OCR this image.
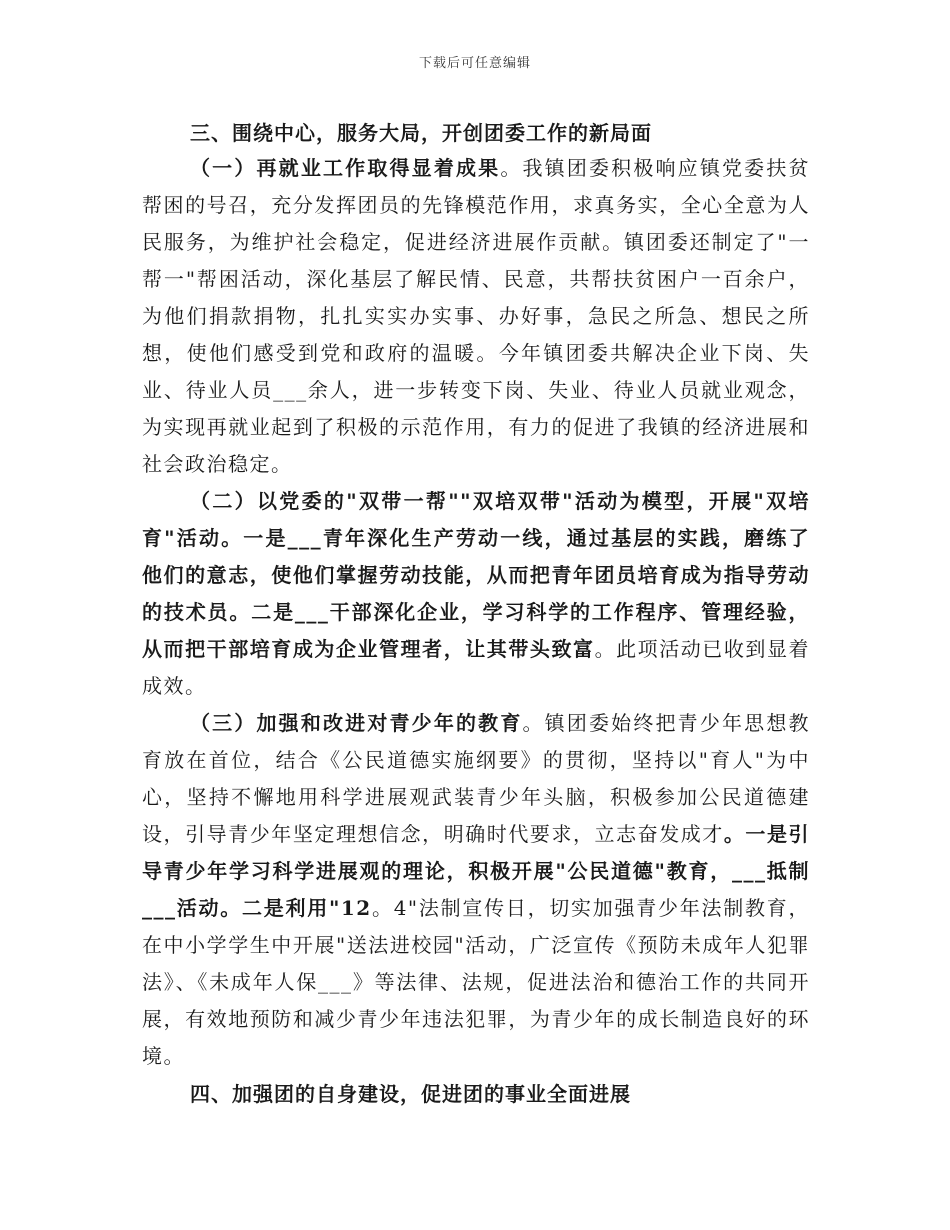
下载后可任意编辑

三、围绕中心，服务大局，开创团委工作的新局面

（一）再就业工作取得显着成果。我镇团委积极响应镇党委扶贫帮困的号召，充分发挥团员的先锋模范作用，求真务实，全心全意为人民服务，为维护社会稳定，促进经济进展作贡献。镇团委还制定了"一帮一"帮困活动，深化基层了解民情、民意，共帮扶贫困户一百余户，为他们捐款捐物，扎扎实实办实事、办好事，急民之所急、想民之所想，使他们感受到党和政府的温暖。今年镇团委共解决企业下岗、失业、待业人员___余人，进一步转变下岗、失业、待业人员就业观念，为实现再就业起到了积极的示范作用，有力的促进了我镇的经济进展和社会政治稳定。

（二）以党委的"双带一帮""双培双带"活动为模型，开展"双培育"活动。一是___青年深化生产劳动一线，通过基层的实践，磨练了他们的意志，使他们掌握劳动技能，从而把青年团员培育成为指导劳动的技术员。二是___干部深化企业，学习科学的工作程序、管理经验，从而把干部培育成为企业管理者，让其带头致富。此项活动已收到显着成效。

（三）加强和改进对青少年的教育。镇团委始终把青少年思想教育放在首位，结合《公民道德实施纲要》的贯彻，坚持以"育人"为中心，坚持不懈地用科学进展观武装青少年头脑，积极参加公民道德建设，引导青少年坚定理想信念，明确时代要求，立志奋发成才。一是引导青少年学习科学进展观的理论，积极开展"公民道德"教育，___抵制___活动。二是利用"12。4"法制宣传日，切实加强青少年法制教育，在中小学学生中开展"送法进校园"活动，广泛宣传《预防未成年人犯罪法》、《未成年人保___》等法律、法规，促进法治和德治工作的共同开展，有效地预防和减少青少年违法犯罪，为青少年的成长制造良好的环境。

四、加强团的自身建设，促进团的事业全面进展
